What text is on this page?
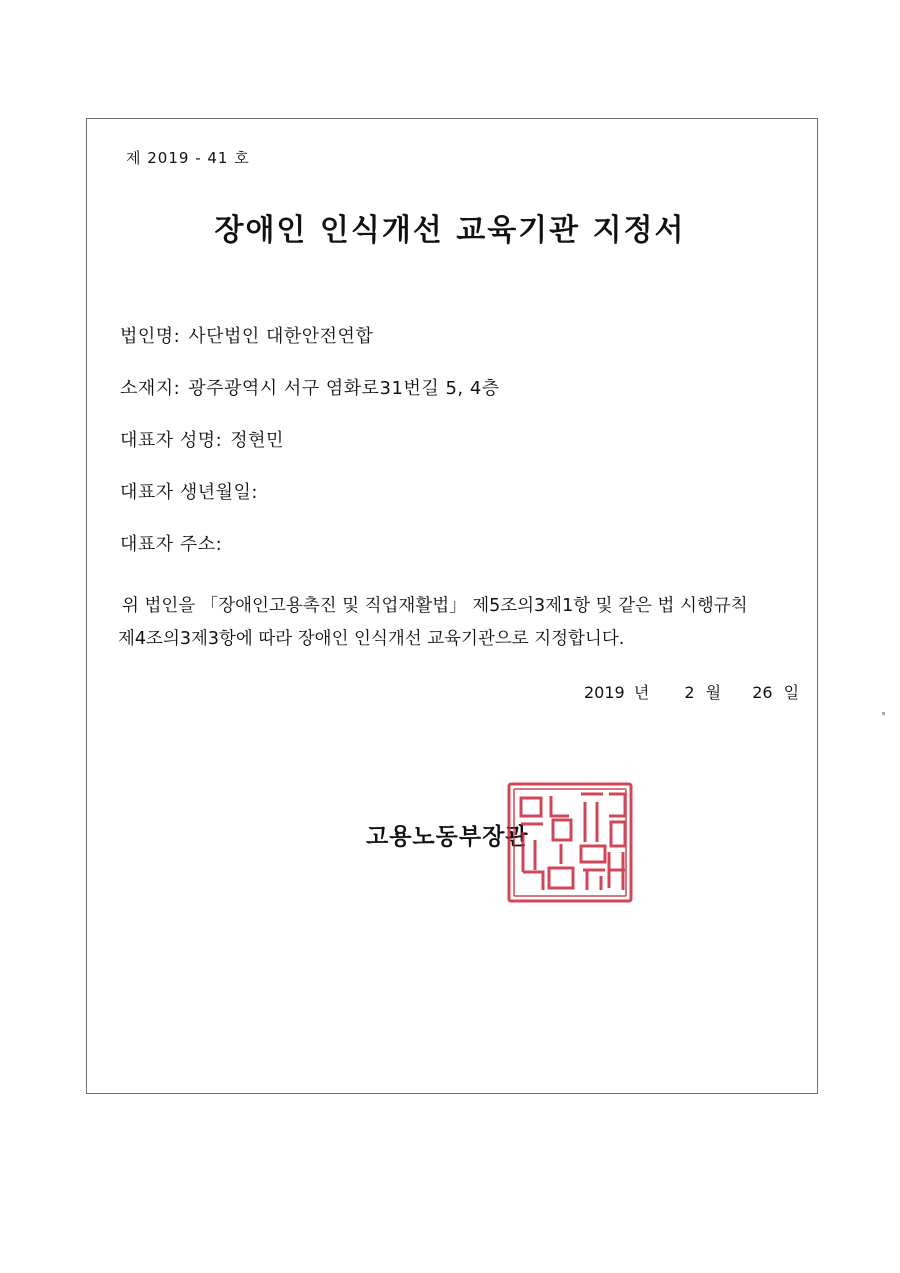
제 2019 - 41 호
장애인 인식개선 교육기관 지정서
법인명: 사단법인 대한안전연합
소재지: 광주광역시 서구 염화로31번길 5, 4층
대표자 성명: 정현민
대표자 생년월일:
대표자 주소:
위 법인을 「장애인고용촉진 및 직업재활법」 제5조의3제1항 및 같은 법 시행규칙
제4조의3제3항에 따라 장애인 인식개선 교육기관으로 지정합니다.
2019 년 2 월 26 일
고용노동부장관
